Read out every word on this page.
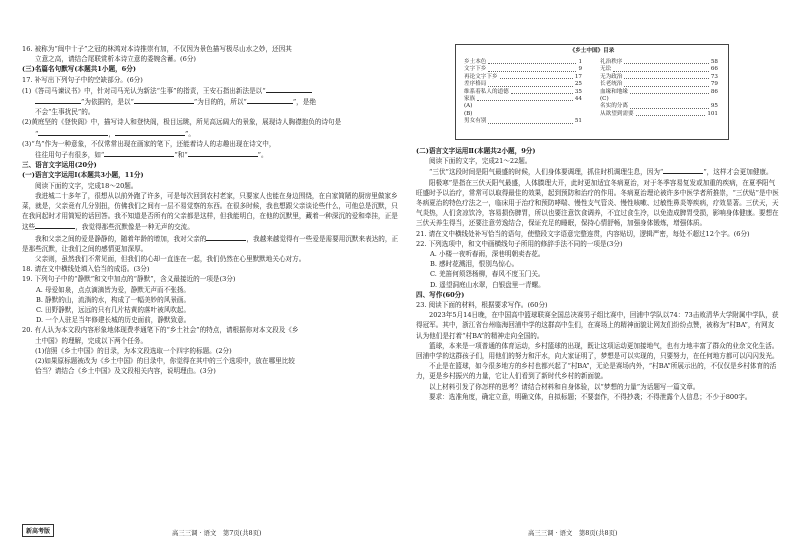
16. 被称为“闽中十子”之冠的林鸿对本诗推崇有加，不仅因为景色描写极尽山水之妙，还因其

立意之高，请结合尾联赏析本诗立意的委婉含蓄。(6分)

(三)名篇名句默写(本题共1小题，6分)

17. 补写出下列句子中的空缺部分。(6分)

(1)《答司马谏议书》中，针对司马光认为新法“生事”的指责，王安石指出新法是以“

”为依据的，是以“	”为目的的，所以“	”，是绝

不会“生事扰民”的。

(2)黄庭坚的《登快阁》中，描写诗人和登快阁，极目远眺，所见高远阔大的景象，展现诗人胸襟抱负的诗句是

“	，	”。

(3)“鸟”作为一种意象，不仅常常出现在画家的笔下，还能着诗人的志趣出现在诗文中，

往往用句子有很多，如“	”和“	”。

三、语言文字运用(20分)

(一)语言文字运用Ⅰ(本题共3小题，11分)

阅读下面的文字，完成18～20题。

我进城二十多年了，很想从以前外跑了许多，可是每次回到农村老家，只要家人也能在身边围绕，在自家简陋的厨房里做家乡菜，就是，父亲竟有几分别扭，仿佛我们之间有一层不易觉察的东西。在很多时候，我也想跟父亲谈论些什么，可他总是沉默，只在我问起时才用简短的话回答。我不知道是否所有的父亲都是这样，但我能明白，在他的沉默里，藏着一种深沉的爱和牵挂，正是这些	，我觉得那些沉默像是一种无声的交流。

我和父亲之间的爱是静静的，随着年龄的增加，我对父亲的	，我越来越觉得有一些爱是需要用沉默来表达的，正是那些沉默，让我们之间的感情更加深厚。

父亲则，虽然我们不常见面，但我们的心却一直连在一起，我们仍然在心里默默地关心对方。

18. 请在文中横线处填入恰当的成语。(3分)

19. 下列句子中的“静默”和文中加点的“静默”，含义最接近的一项是(3分)

A. 母爱如泉，点点滴滴皆为爱，静默无声而不张扬。

B. 静默的山，流淌的水，构成了一幅美妙的风景画。

C. 田野静默，远远的只有几片枯黄的落叶被风吹起。

D. 一个人驻足当年修建长城的历史面前，静默致意。

20. 有人认为本文段内容形象地体现费孝通笔下的“乡土社会”的特点，请根据你对本文段及《乡

土中国》的理解，完成以下两个任务。

(1)信照《乡土中国》的目录，为本文段选取一个四字的标题。(2分)

(2)如果原标题被改为《乡土中国》的目录中，你觉得在其中的三个选项中，放在哪里比较

恰当？请结合《乡土中国》及文段相关内容，说明理由。(3分)

《乡土中国》目录
乡土本色	1
文字下乡	9
再论文字下乡	17
差序格局	25
维系着私人的道德	35
家族	44
(A)
(B)
男女有别	51
礼治秩序	58
无讼	66
无为政治	73
长老统治	79
血缘和地缘	86
(C)
名实的分离	95
从欲望到需要	101

(二)语言文字运用Ⅱ(本题共2小题，9分)

阅读下面的文字，完成21～22题。

“三伏”这段时间是阳气最盛的时候，人们身体要调理，抓住时机调理生息，因为“	”，这样才会更加健康。

阳极寒”是指在三伏天阳气最盛，人体腠理大开，此时更加适宜冬病夏治，对于冬季容易复发或加重的疾病，在夏季阳气旺盛时予以治疗，常常可以取得最佳的效果，起到预防和治疗的作用。冬病夏治理论被许多中医学者所推崇，“三伏贴”是中医冬病夏治的特色疗法之一，临床用于治疗和预防哮喘、慢性支气管炎、慢性咳嗽、过敏性鼻炎等疾病，疗效显著。三伏天，天气炎热，人们贪凉饮冷，容易损伤脾胃，所以也要注意饮食调养，不宜过食生冷，以免造成脾胃受损，影响身体健康。要想在三伏天养生得当，还要注意劳逸结合，保证充足的睡眠，保持心情舒畅，加强身体锻炼，增强体质。

21. 请在文中横线处补写恰当的语句，使整段文字语意完整连贯，内容贴切，逻辑严密，每处不超过12个字。(6分)

22. 下列选项中，和文中画横线句子所用的修辞手法不同的一项是(3分)

A. 小楼一夜听春雨，深巷明朝卖杏花。

B. 感时花溅泪，恨别鸟惊心。

C. 羌笛何须怨杨柳，春风不度玉门关。

D. 遥望洞庭山水翠，白银盘里一青螺。

四、写作(60分)

23. 阅读下面的材料，根据要求写作。(60分)

2023年5月14日晚，在中国高中篮球联赛全国总决赛男子组比赛中，回浦中学队以74：73击败清华大学附属中学队，获得冠军。其中，浙江省台州临海回浦中学的这群高中生们，在赛场上的精神面貌让网友们纷纷点赞，被称为“村BA”，有网友认为他们是打着“村BA”的精神走向全国的。

篮球，本来是一项普通的体育运动，乡村篮球的出现，既让这项运动更加接地气，也有力地丰富了群众的业余文化生活。回浦中学的这群孩子们，用他们的努力和汗水，向大家证明了，梦想是可以实现的，只要努力，在任何地方都可以闪闪发光。

不止是在篮球，如今很多地方的乡村也都兴起了“村BA”，无论是赛场内外，“村BA”所展示出的，不仅仅是乡村体育的活力，更是乡村振兴的力量，它让人们看到了新时代乡村的新面貌。

以上材料引发了你怎样的思考？请结合材料和自身体验，以“梦想的力量”为话题写一篇文章。

要求：选准角度，确定立意，明确文体，自拟标题；不要套作，不得抄袭；不得泄露个人信息；不少于800字。

新高考版	高三三调 · 语文　第7页(共8页)	高三三调 · 语文　第8页(共8页)
